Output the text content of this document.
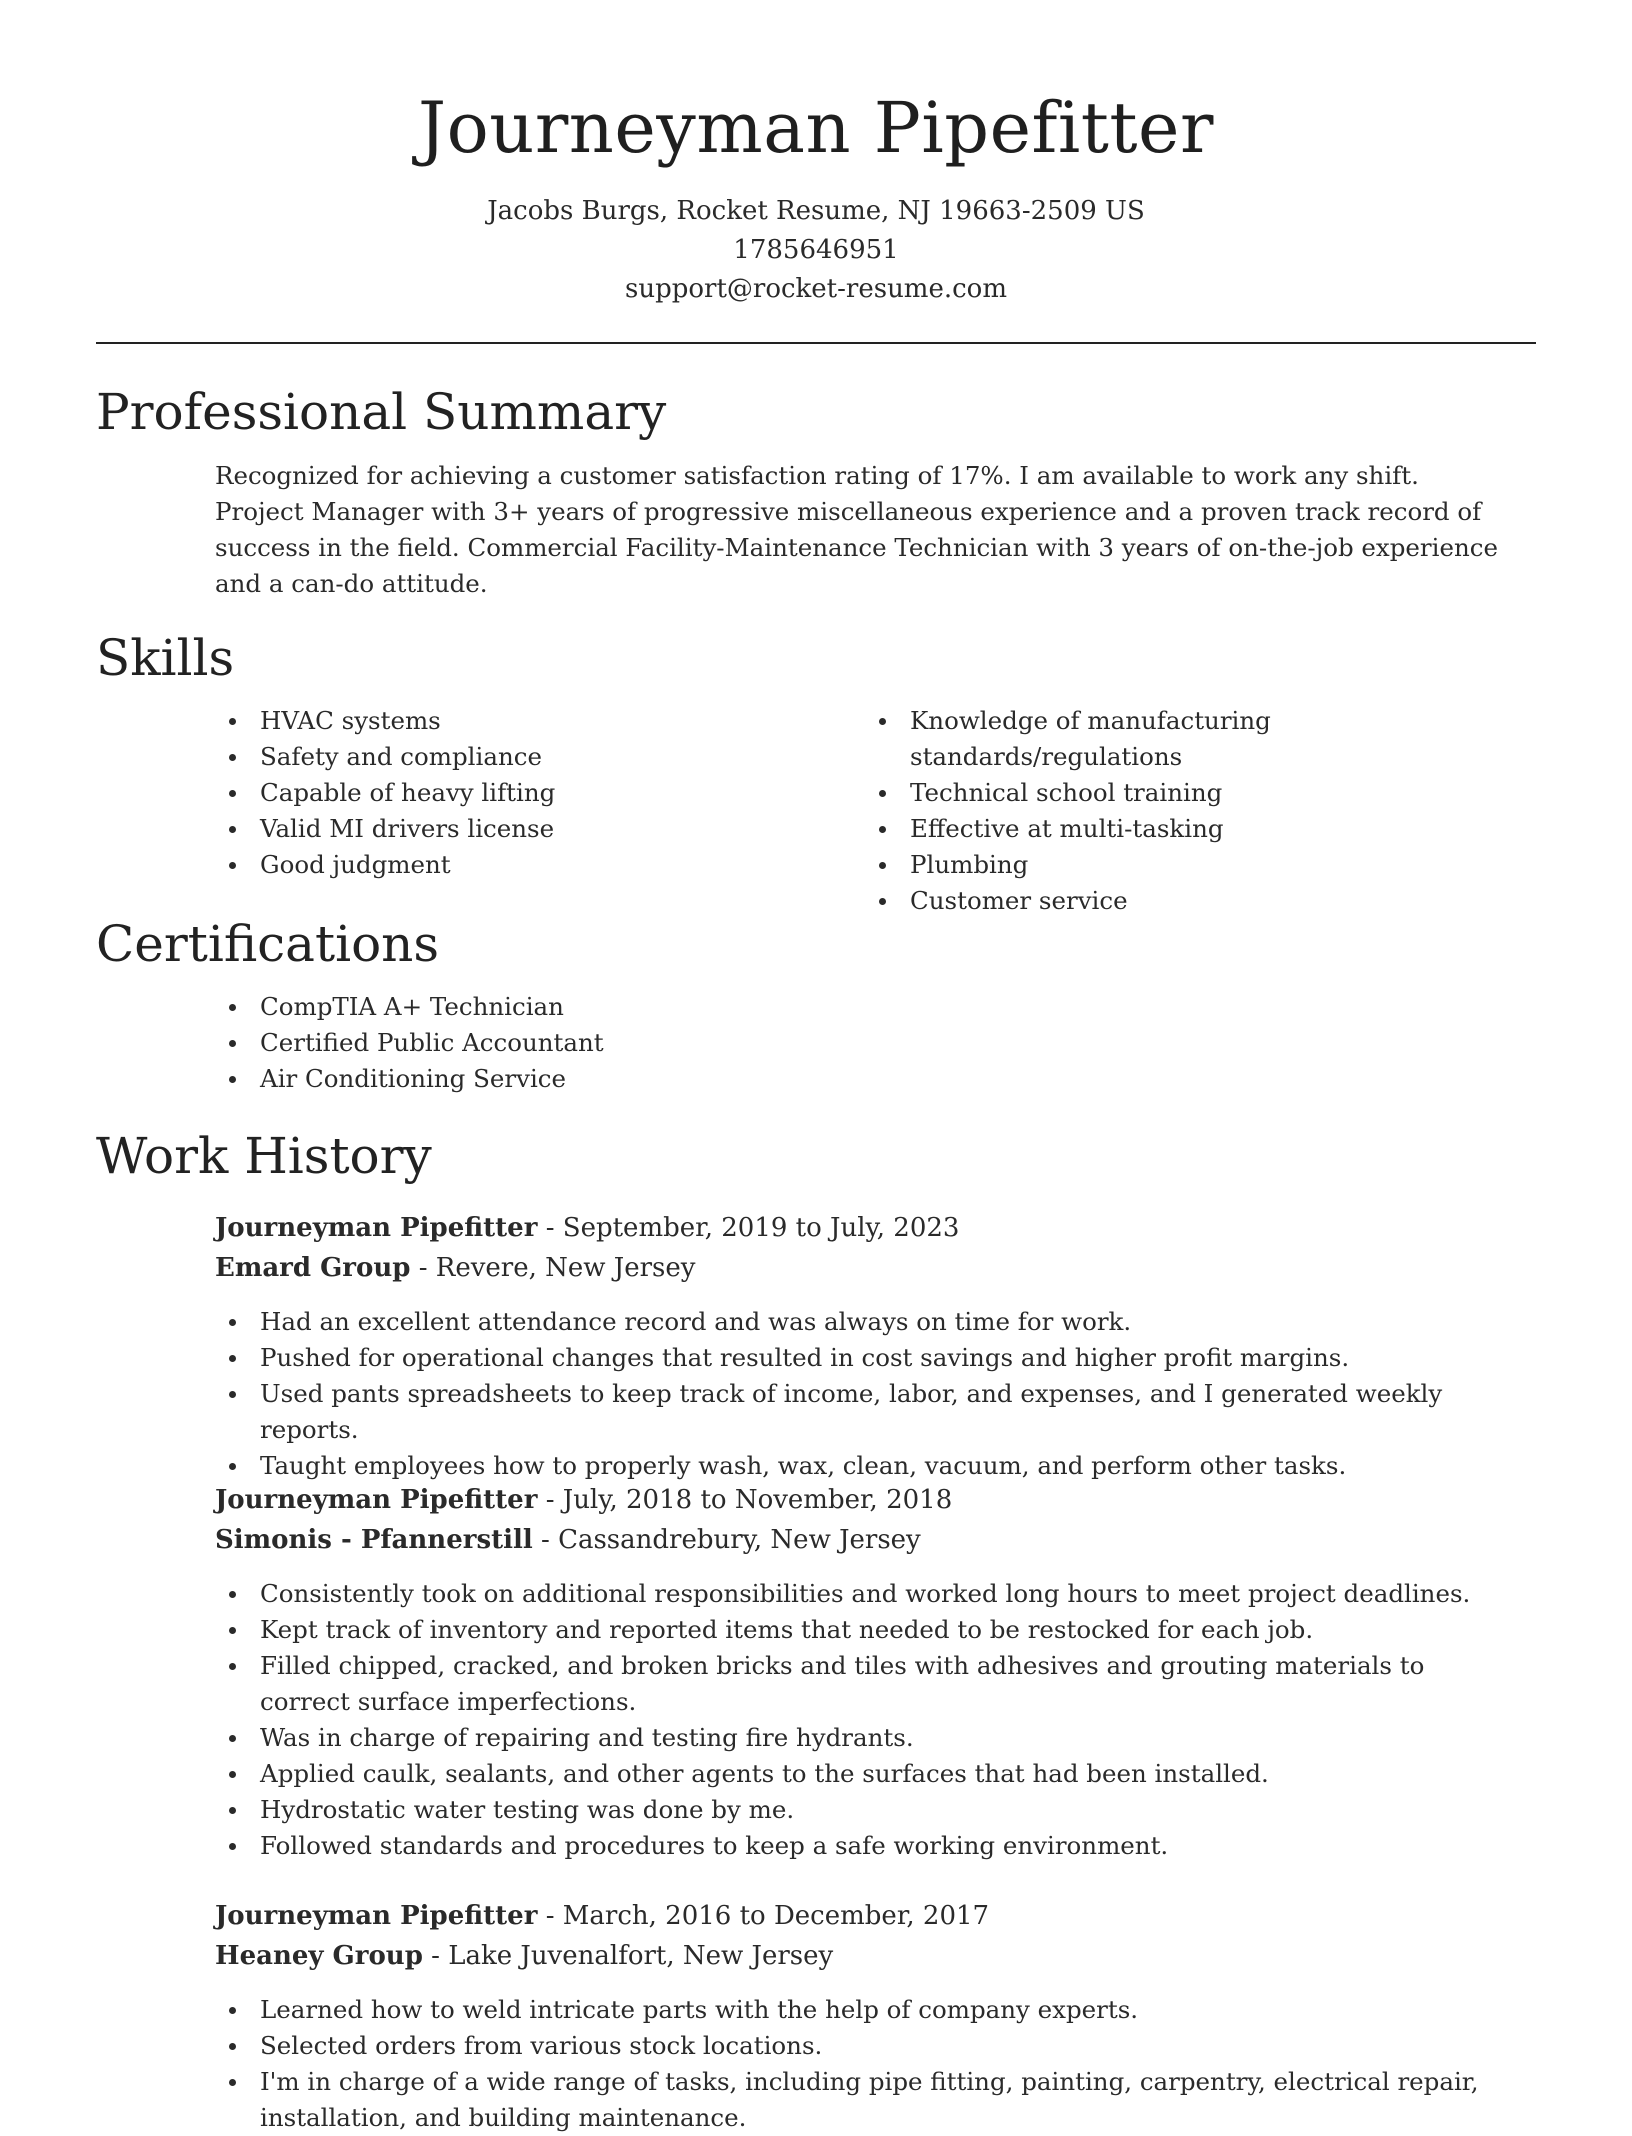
Journeyman Pipefitter
Jacobs Burgs, Rocket Resume, NJ 19663-2509 US
1785646951
support@rocket-resume.com
Professional Summary
Recognized for achieving a customer satisfaction rating of 17%. I am available to work any shift. Project Manager with 3+ years of progressive miscellaneous experience and a proven track record of success in the field. Commercial Facility-Maintenance Technician with 3 years of on-the-job experience and a can-do attitude.
Skills
HVAC systems
Safety and compliance
Capable of heavy lifting
Valid MI drivers license
Good judgment
Knowledge of manufacturing standards/regulations
Technical school training
Effective at multi-tasking
Plumbing
Customer service
Certifications
CompTIA A+ Technician
Certified Public Accountant
Air Conditioning Service
Work History
Journeyman Pipefitter - September, 2019 to July, 2023
Emard Group - Revere, New Jersey
Had an excellent attendance record and was always on time for work.
Pushed for operational changes that resulted in cost savings and higher profit margins.
Used pants spreadsheets to keep track of income, labor, and expenses, and I generated weekly reports.
Taught employees how to properly wash, wax, clean, vacuum, and perform other tasks.
Journeyman Pipefitter - July, 2018 to November, 2018
Simonis - Pfannerstill - Cassandrebury, New Jersey
Consistently took on additional responsibilities and worked long hours to meet project deadlines.
Kept track of inventory and reported items that needed to be restocked for each job.
Filled chipped, cracked, and broken bricks and tiles with adhesives and grouting materials to correct surface imperfections.
Was in charge of repairing and testing fire hydrants.
Applied caulk, sealants, and other agents to the surfaces that had been installed.
Hydrostatic water testing was done by me.
Followed standards and procedures to keep a safe working environment.
Journeyman Pipefitter - March, 2016 to December, 2017
Heaney Group - Lake Juvenalfort, New Jersey
Learned how to weld intricate parts with the help of company experts.
Selected orders from various stock locations.
I'm in charge of a wide range of tasks, including pipe fitting, painting, carpentry, electrical repair, installation, and building maintenance.
